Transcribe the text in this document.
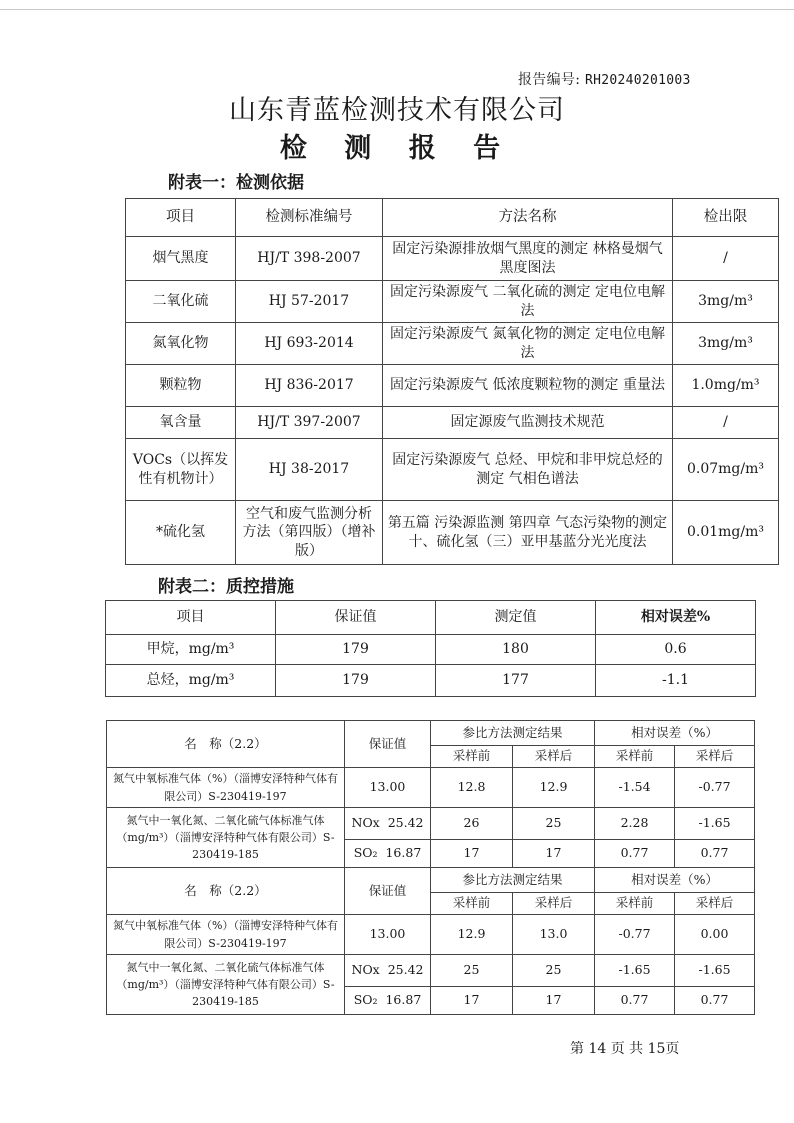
报告编号: RH20240201003
山东青蓝检测技术有限公司
检 测 报 告
附表一：检测依据
项目	检测标准编号	方法名称	检出限
烟气黑度	HJ/T 398-2007	固定污染源排放烟气黑度的测定 林格曼烟气黑度图法	/
二氧化硫	HJ 57-2017	固定污染源废气 二氧化硫的测定 定电位电解法	3mg/m³
氮氧化物	HJ 693-2014	固定污染源废气 氮氧化物的测定 定电位电解法	3mg/m³
颗粒物	HJ 836-2017	固定污染源废气 低浓度颗粒物的测定 重量法	1.0mg/m³
氧含量	HJ/T 397-2007	固定源废气监测技术规范	/
VOCs（以挥发性有机物计）	HJ 38-2017	固定污染源废气 总烃、甲烷和非甲烷总烃的测定 气相色谱法	0.07mg/m³
*硫化氢	空气和废气监测分析方法（第四版）（增补版）	第五篇 污染源监测 第四章 气态污染物的测定 十、硫化氢（三）亚甲基蓝分光光度法	0.01mg/m³
附表二：质控措施
项目	保证值	测定值	相对误差%
甲烷，mg/m³	179	180	0.6
总烃，mg/m³	179	177	-1.1
名　称（2.2）	保证值	参比方法测定结果		相对误差（%）	
		采样前	采样后	采样前	采样后
氮气中氧标准气体（%）（淄博安泽特种气体有限公司）S-230419-197	13.00	12.8	12.9	-1.54	-0.77
氮气中一氧化氮、二氧化硫气体标准气体（mg/m³）（淄博安泽特种气体有限公司）S-230419-185	NOx 25.42	26	25	2.28	-1.65
	SO₂ 16.87	17	17	0.77	0.77
名　称（2.2）	保证值	参比方法测定结果		相对误差（%）	
		采样前	采样后	采样前	采样后
氮气中氧标准气体（%）（淄博安泽特种气体有限公司）S-230419-197	13.00	12.9	13.0	-0.77	0.00
氮气中一氧化氮、二氧化硫气体标准气体（mg/m³）（淄博安泽特种气体有限公司）S-230419-185	NOx 25.42	25	25	-1.65	-1.65
	SO₂ 16.87	17	17	0.77	0.77
第 14 页 共 15页
